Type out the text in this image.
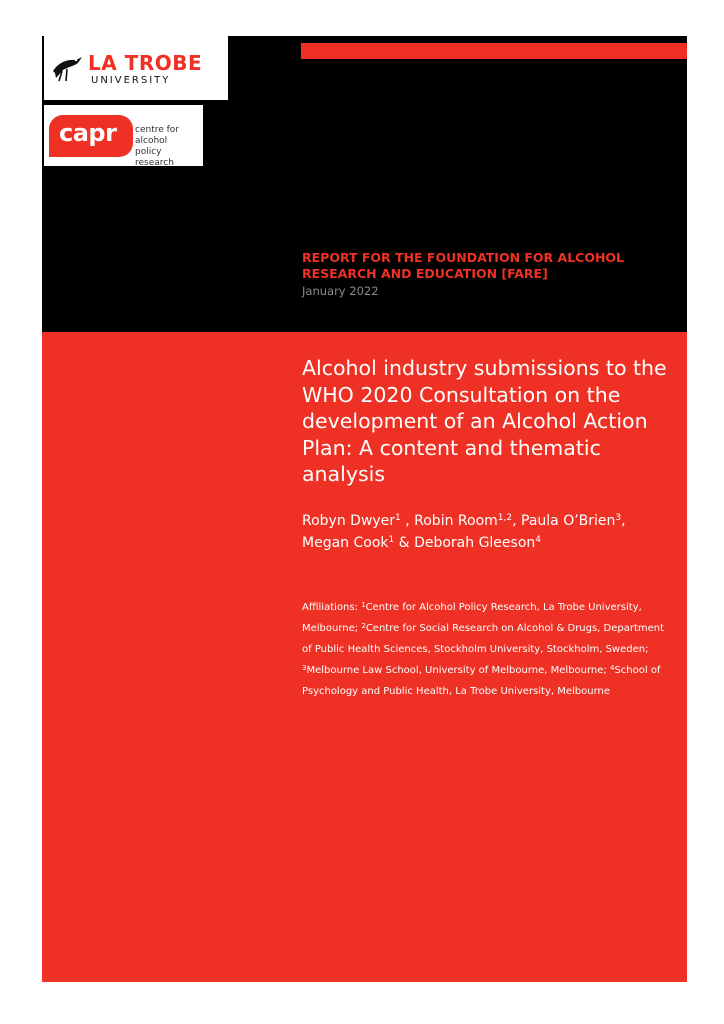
LA TROBE
UNIVERSITY
capr centre for alcohol
policy research
REPORT FOR THE FOUNDATION FOR ALCOHOL
RESEARCH AND EDUCATION [FARE]
January 2022
Alcohol industry submissions to the WHO 2020 Consultation on the development of an Alcohol Action Plan: A content and thematic analysis
Robyn Dwyer$^1$ , Robin Room$^{1,2}$, Paula O’Brien$^3$,
Megan Cook$^1$ & Deborah Gleeson$^4$
Affiliations: $^1$Centre for Alcohol Policy Research, La Trobe University, Melbourne; $^2$Centre for Social Research on Alcohol & Drugs, Department of Public Health Sciences, Stockholm University, Stockholm, Sweden; $^3$Melbourne Law School, University of Melbourne, Melbourne; $^4$School of Psychology and Public Health, La Trobe University, Melbourne
